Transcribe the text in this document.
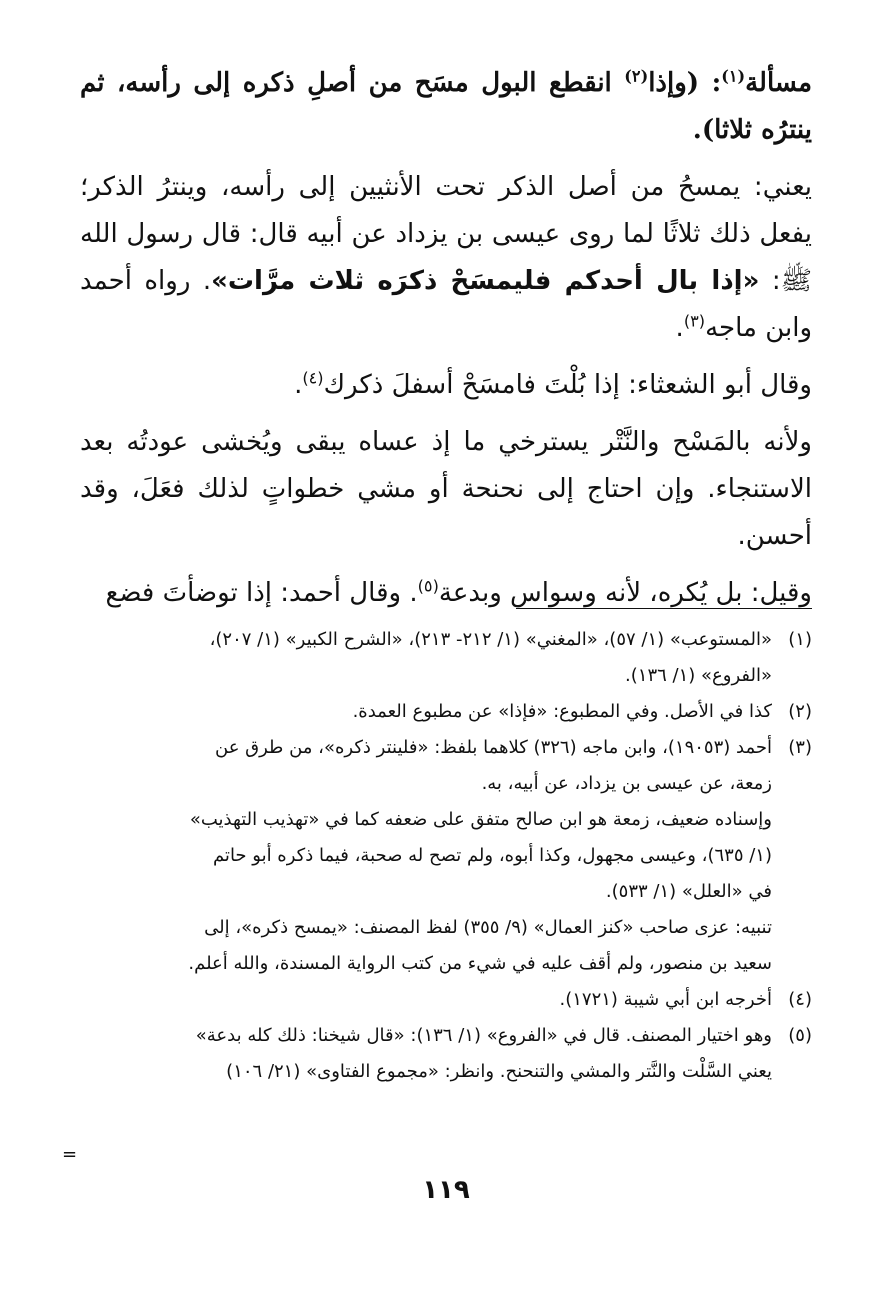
مسألة$^{(١)}$: (وإذا$^{(٢)}$ انقطع البول مسَح من أصلِ ذكره إلى رأسه، ثم ينترُه ثلاثا).

يعني: يمسحُ من أصل الذكر تحت الأنثيين إلى رأسه، وينترُ الذكر؛ يفعل ذلك ثلاثًا لما روى عيسى بن يزداد عن أبيه قال: قال رسول الله ﷺ: «إذا بال أحدكم فليمسَحْ ذكرَه ثلاث مرَّات». رواه أحمد وابن ماجه$^{(٣)}$.

وقال أبو الشعثاء: إذا بُلْتَ فامسَحْ أسفلَ ذكرك$^{(٤)}$.

ولأنه بالمَسْح والنَّتْر يسترخي ما إذ عساه يبقى ويُخشى عودتُه بعد الاستنجاء. وإن احتاج إلى نحنحة أو مشي خطواتٍ لذلك فعَلَ، وقد أحسن.

وقيل: بل يُكره، لأنه وسواس وبدعة$^{(٥)}$. وقال أحمد: إذا توضأتَ فضع

(١)
«المستوعب» (١/ ٥٧)، «المغني» (١/ ٢١٢- ٢١٣)، «الشرح الكبير» (١/ ٢٠٧)،
«الفروع» (١/ ١٣٦).
(٢)
كذا في الأصل. وفي المطبوع: «فإذا» عن مطبوع العمدة.
(٣)
أحمد (١٩٠٥٣)، وابن ماجه (٣٢٦) كلاهما بلفظ: «فلينتر ذكره»، من طرق عن
زمعة، عن عيسى بن يزداد، عن أبيه، به.
وإسناده ضعيف، زمعة هو ابن صالح متفق على ضعفه كما في «تهذيب التهذيب»
(١/ ٦٣٥)، وعيسى مجهول، وكذا أبوه، ولم تصح له صحبة، فيما ذكره أبو حاتم
في «العلل» (١/ ٥٣٣).
تنبيه: عزى صاحب «كنز العمال» (٩/ ٣٥٥) لفظ المصنف: «يمسح ذكره»، إلى
سعيد بن منصور، ولم أقف عليه في شيء من كتب الرواية المسندة، والله أعلم.
(٤)
أخرجه ابن أبي شيبة (١٧٢١).
(٥)
وهو اختيار المصنف. قال في «الفروع» (١/ ١٣٦): «قال شيخنا: ذلك كله بدعة»
يعني السَّلْت والنَّتر والمشي والتنحنح. وانظر: «مجموع الفتاوى» (٢١/ ١٠٦)
=
١١٩
